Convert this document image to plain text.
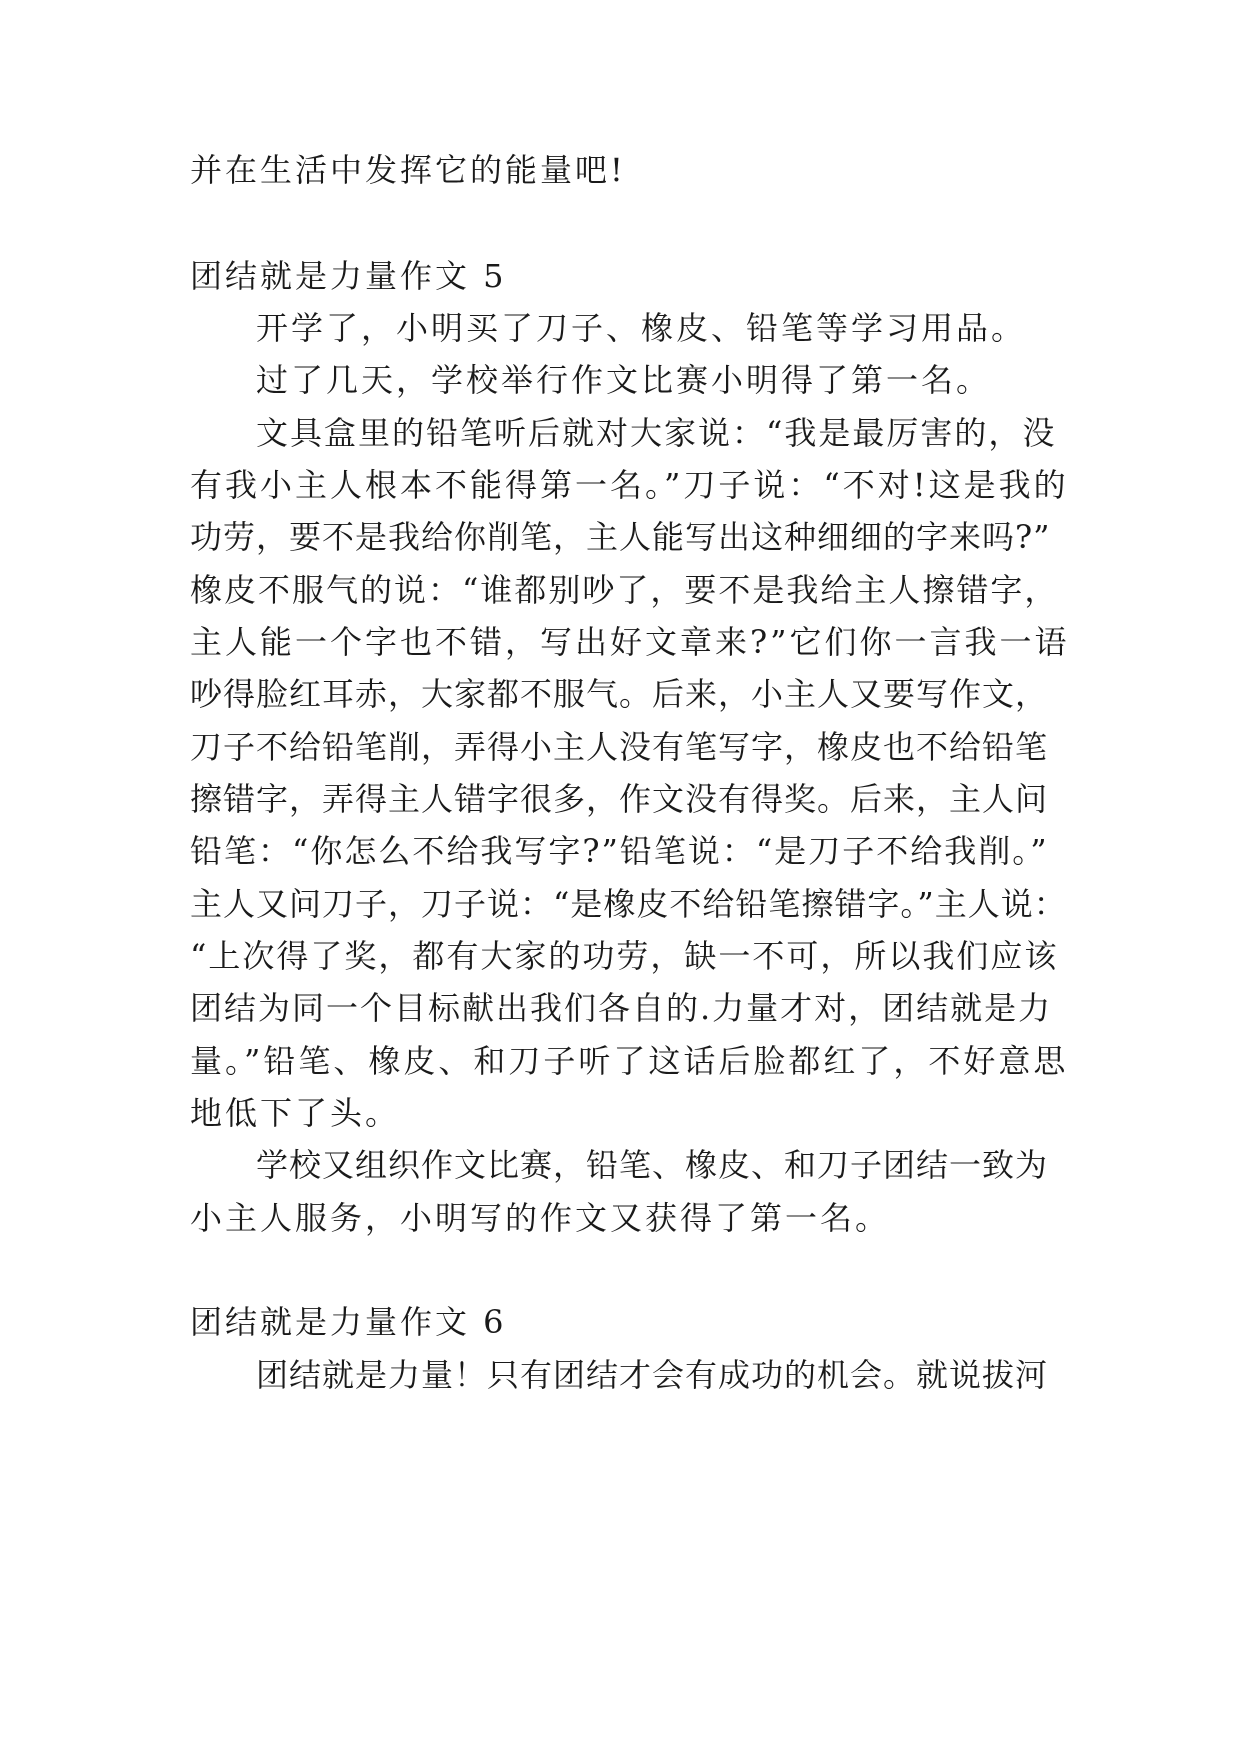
并在生活中发挥它的能量吧!
团结就是力量作文 5
开学了，小明买了刀子、橡皮、铅笔等学习用品。
过了几天，学校举行作文比赛小明得了第一名。
文具盒里的铅笔听后就对大家说：“我是最厉害的，没
有我小主人根本不能得第一名。”刀子说：“不对!这是我的
功劳，要不是我给你削笔，主人能写出这种细细的字来吗?”
橡皮不服气的说：“谁都别吵了，要不是我给主人擦错字，
主人能一个字也不错，写出好文章来?”它们你一言我一语
吵得脸红耳赤，大家都不服气。后来，小主人又要写作文，
刀子不给铅笔削，弄得小主人没有笔写字，橡皮也不给铅笔
擦错字，弄得主人错字很多，作文没有得奖。后来，主人问
铅笔：“你怎么不给我写字?”铅笔说：“是刀子不给我削。”
主人又问刀子，刀子说：“是橡皮不给铅笔擦错字。”主人说：
“上次得了奖，都有大家的功劳，缺一不可，所以我们应该
团结为同一个目标献出我们各自的.力量才对，团结就是力
量。”铅笔、橡皮、和刀子听了这话后脸都红了，不好意思
地低下了头。
学校又组织作文比赛，铅笔、橡皮、和刀子团结一致为
小主人服务，小明写的作文又获得了第一名。
团结就是力量作文 6
团结就是力量！只有团结才会有成功的机会。就说拔河
